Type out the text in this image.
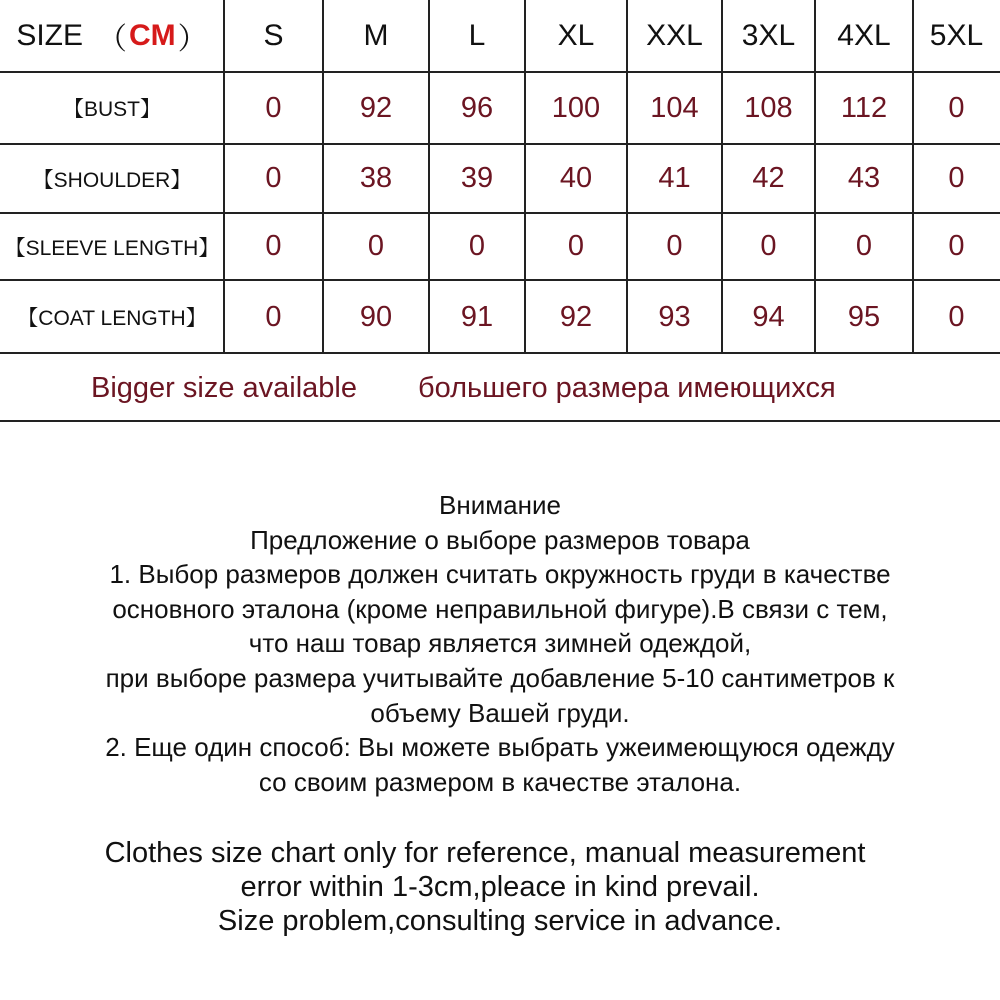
SIZE （ CM ）	S	M	L	XL	XXL	3XL	4XL	5XL
【BUST】	0	92	96	100	104	108	112	0
【SHOULDER】	0	38	39	40	41	42	43	0
【SLEEVE LENGTH】	0	0	0	0	0	0	0	0
【COAT LENGTH】	0	90	91	92	93	94	95	0
Bigger size available большего размера имеющихся
Внимание
Предложение о выборе размеров товара
1. Выбор размеров должен считать окружность груди в качестве
основного эталона (кроме неправильной фигуре).В связи с тем,
что наш товар является зимней одеждой,
при выборе размера учитывайте добавление 5-10 сантиметров к
объему Вашей груди.
2. Еще один способ: Вы можете выбрать ужеимеющуюся одежду
со своим размером в качестве эталона.
Clothes size chart only for reference, manual measurement
error within 1-3cm,pleace in kind prevail.
Size problem,consulting service in advance.
